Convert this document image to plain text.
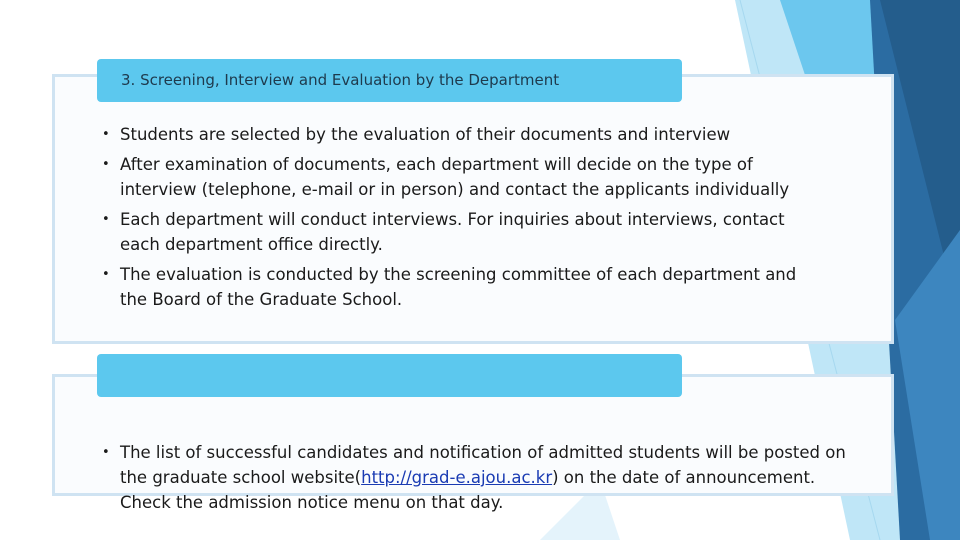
3. Screening, Interview and Evaluation by the Department
• Students are selected by the evaluation of their documents and interview
• After examination of documents, each department will decide on the type of interview (telephone, e-mail or in person) and contact the applicants individually
• Each department will conduct interviews. For inquiries about interviews, contact each department office directly.
• The evaluation is conducted by the screening committee of each department and the Board of the Graduate School.
• The list of successful candidates and notification of admitted students will be posted on the graduate school website(http://grad-e.ajou.ac.kr) on the date of announcement. Check the admission notice menu on that day.
